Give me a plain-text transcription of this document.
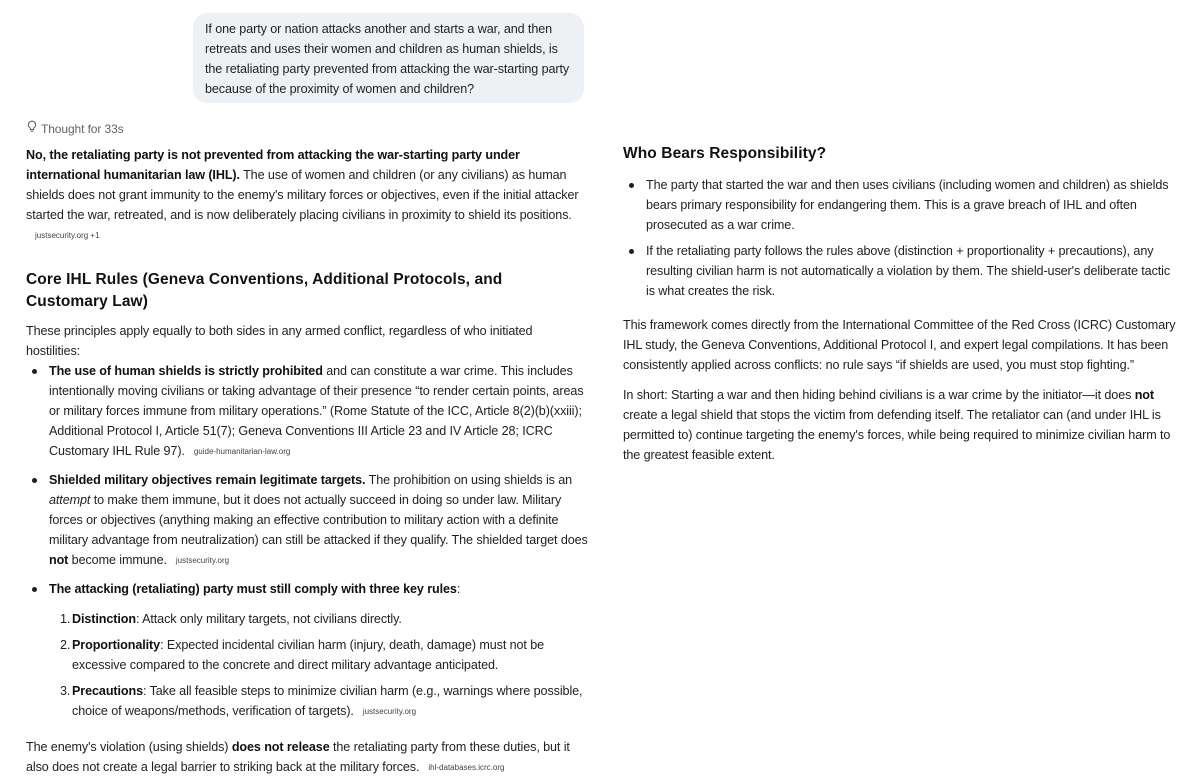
If one party or nation attacks another and starts a war, and then retreats and uses their women and children as human shields, is the retaliating party prevented from attacking the war-starting party because of the proximity of women and children?

Thought for 33s

No, the retaliating party is not prevented from attacking the war-starting party under international humanitarian law (IHL). The use of women and children (or any civilians) as human shields does not grant immunity to the enemy's military forces or objectives, even if the initial attacker started the war, retreated, and is now deliberately placing civilians in proximity to shield its positions.justsecurity.org +1

Core IHL Rules (Geneva Conventions, Additional Protocols, and Customary Law)

These principles apply equally to both sides in any armed conflict, regardless of who initiated hostilities:

The use of human shields is strictly prohibited and can constitute a war crime. This includes intentionally moving civilians or taking advantage of their presence “to render certain points, areas or military forces immune from military operations.” (Rome Statute of the ICC, Article 8(2)(b)(xxiii); Additional Protocol I, Article 51(7); Geneva Conventions III Article 23 and IV Article 28; ICRC Customary IHL Rule 97). guide-humanitarian-law.org
Shielded military objectives remain legitimate targets. The prohibition on using shields is an attempt to make them immune, but it does not actually succeed in doing so under law. Military forces or objectives (anything making an effective contribution to military action with a definite military advantage from neutralization) can still be attacked if they qualify. The shielded target does not become immune. justsecurity.org
The attacking (retaliating) party must still comply with three key rules:
1. Distinction: Attack only military targets, not civilians directly.
2. Proportionality: Expected incidental civilian harm (injury, death, damage) must not be excessive compared to the concrete and direct military advantage anticipated.
3. Precautions: Take all feasible steps to minimize civilian harm (e.g., warnings where possible, choice of weapons/methods, verification of targets). justsecurity.org

The enemy's violation (using shields) does not release the retaliating party from these duties, but it also does not create a legal barrier to striking back at the military forces. ihl-databases.icrc.org

Who Bears Responsibility?
The party that started the war and then uses civilians (including women and children) as shields bears primary responsibility for endangering them. This is a grave breach of IHL and often prosecuted as a war crime.
If the retaliating party follows the rules above (distinction + proportionality + precautions), any resulting civilian harm is not automatically a violation by them. The shield-user's deliberate tactic is what creates the risk.

This framework comes directly from the International Committee of the Red Cross (ICRC) Customary IHL study, the Geneva Conventions, Additional Protocol I, and expert legal compilations. It has been consistently applied across conflicts: no rule says “if shields are used, you must stop fighting.”

In short: Starting a war and then hiding behind civilians is a war crime by the initiator—it does not create a legal shield that stops the victim from defending itself. The retaliator can (and under IHL is permitted to) continue targeting the enemy's forces, while being required to minimize civilian harm to the greatest feasible extent.
